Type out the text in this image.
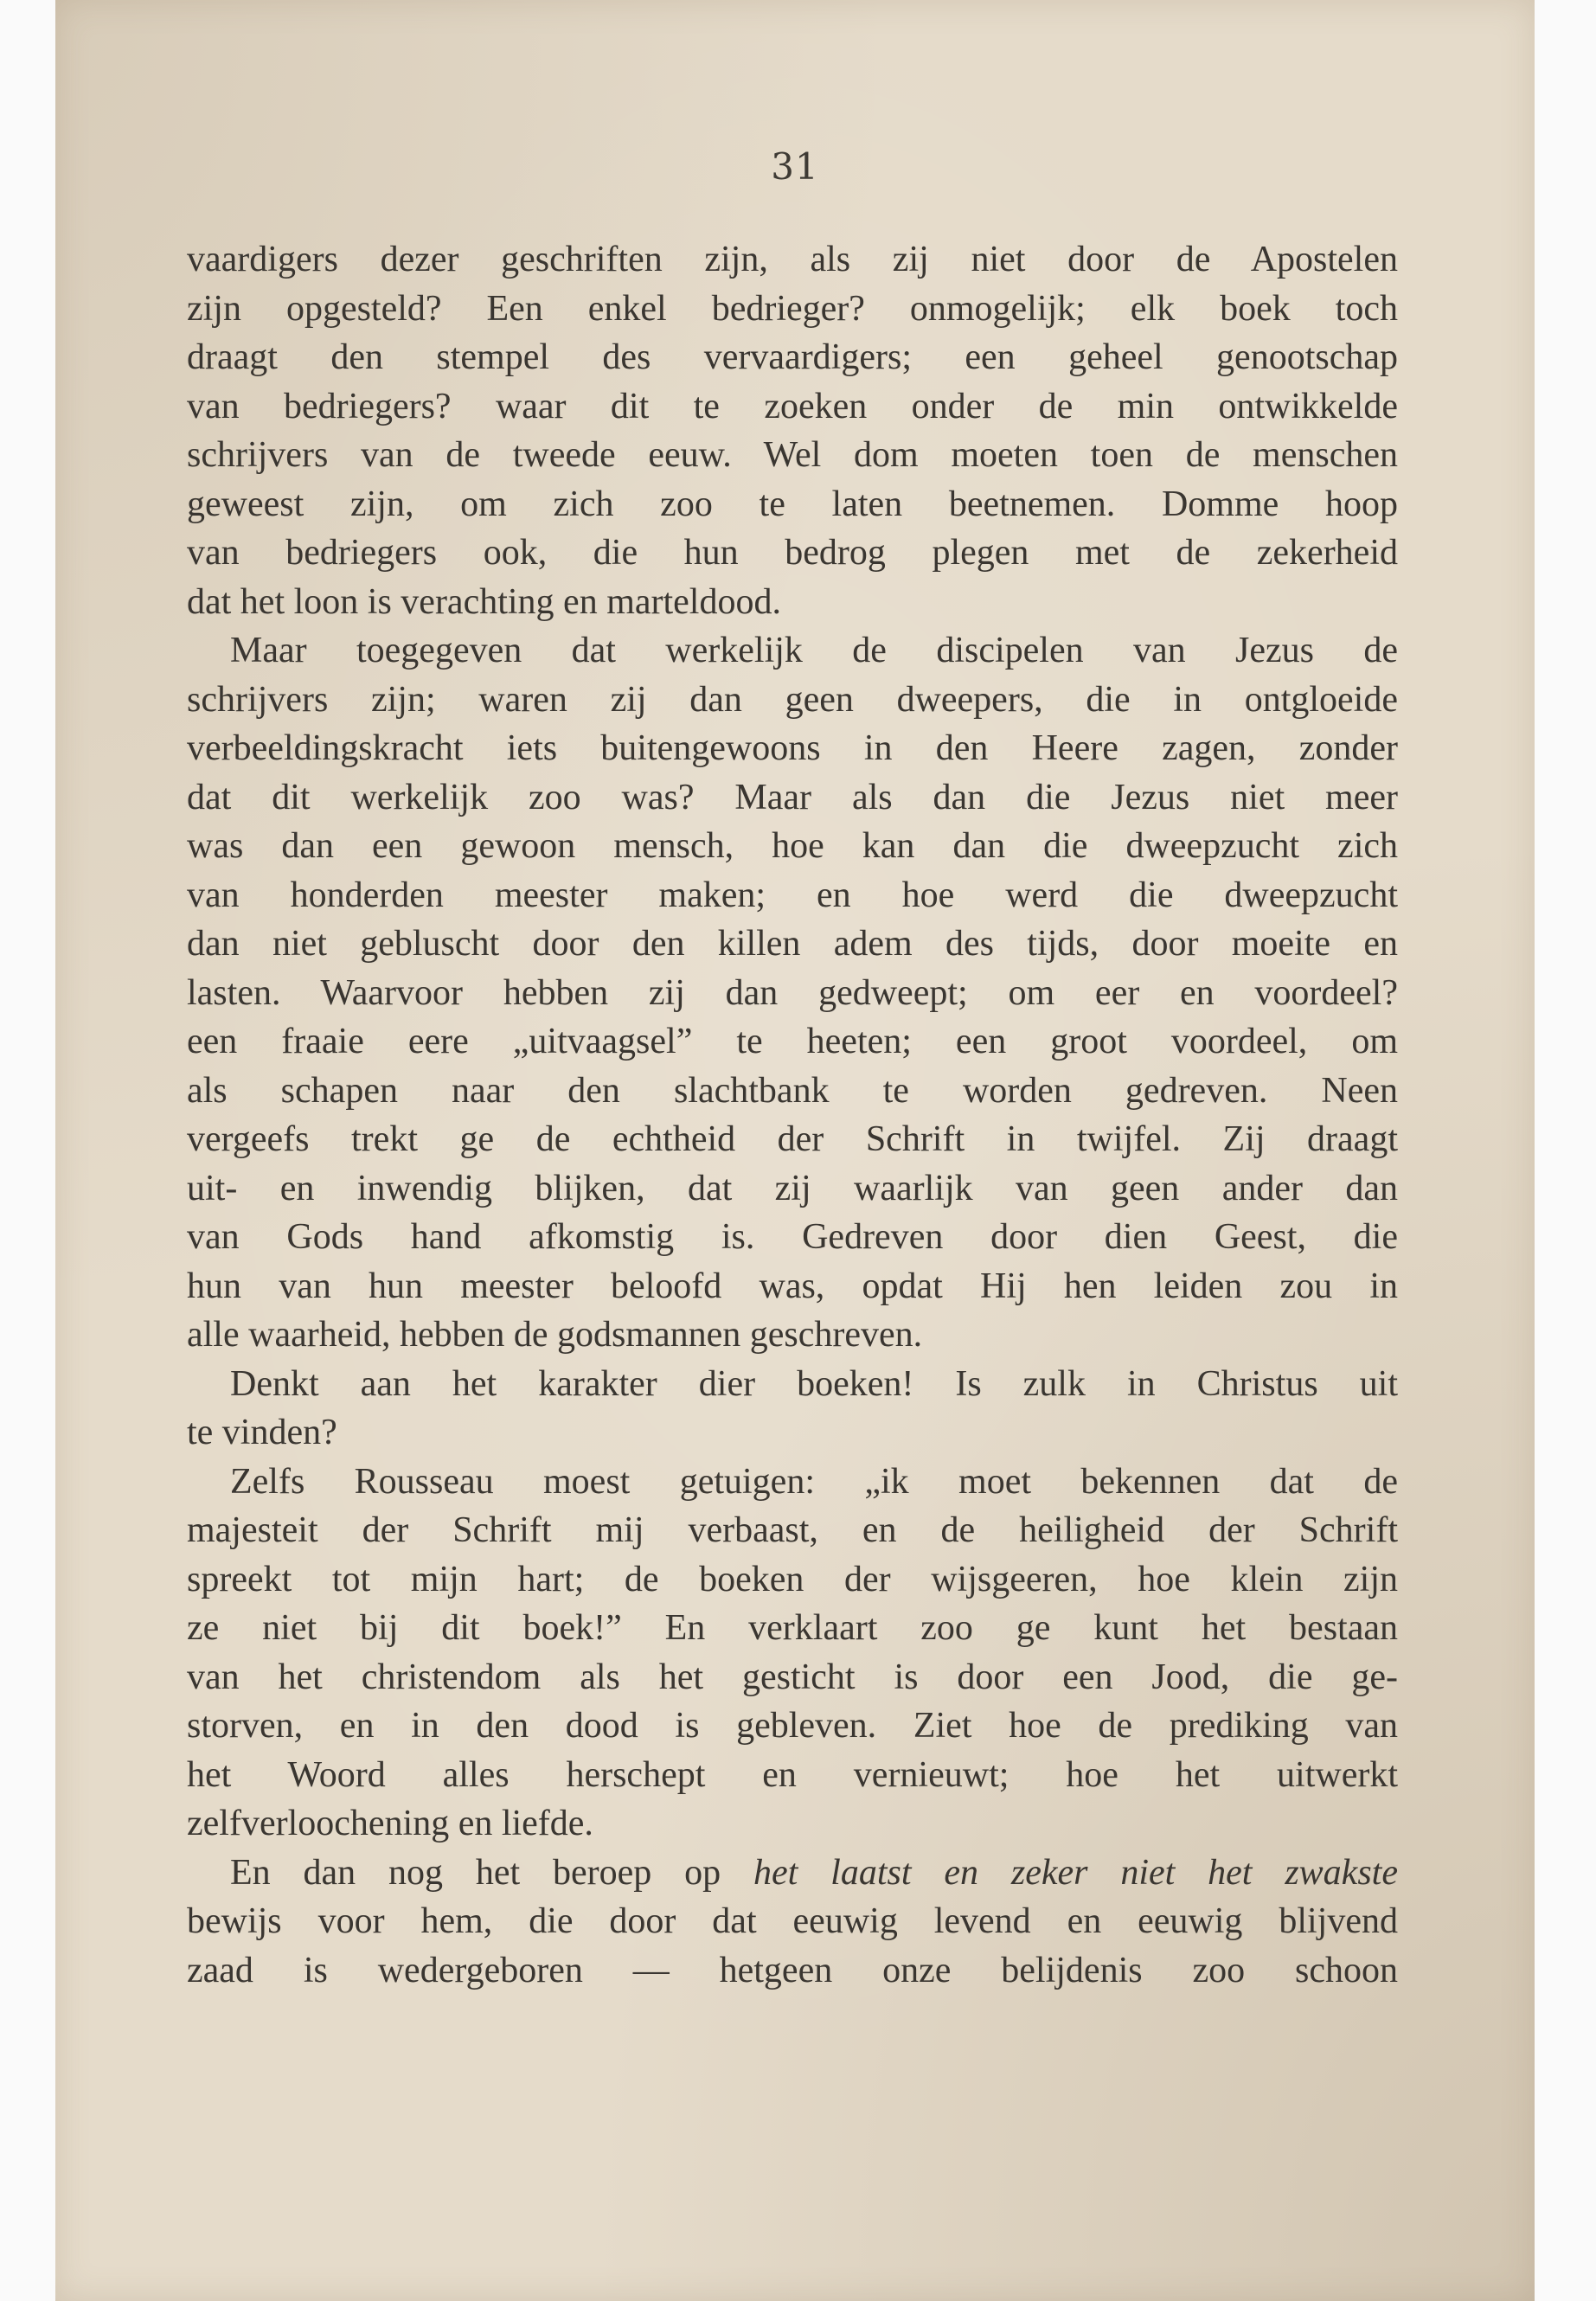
31
vaardigers dezer geschriften zijn, als zij niet door de Apostelen
zijn opgesteld? Een enkel bedrieger? onmogelijk; elk boek toch
draagt den stempel des vervaardigers; een geheel genootschap
van bedriegers? waar dit te zoeken onder de min ontwikkelde
schrijvers van de tweede eeuw. Wel dom moeten toen de menschen
geweest zijn, om zich zoo te laten beetnemen. Domme hoop
van bedriegers ook, die hun bedrog plegen met de zekerheid
dat het loon is verachting en marteldood.
Maar toegegeven dat werkelijk de discipelen van Jezus de
schrijvers zijn; waren zij dan geen dweepers, die in ontgloeide
verbeeldingskracht iets buitengewoons in den Heere zagen, zonder
dat dit werkelijk zoo was? Maar als dan die Jezus niet meer
was dan een gewoon mensch, hoe kan dan die dweepzucht zich
van honderden meester maken; en hoe werd die dweepzucht
dan niet gebluscht door den killen adem des tijds, door moeite en
lasten. Waarvoor hebben zij dan gedweept; om eer en voordeel?
een fraaie eere „uitvaagsel” te heeten; een groot voordeel, om
als schapen naar den slachtbank te worden gedreven. Neen
vergeefs trekt ge de echtheid der Schrift in twijfel. Zij draagt
uit- en inwendig blijken, dat zij waarlijk van geen ander dan
van Gods hand afkomstig is. Gedreven door dien Geest, die
hun van hun meester beloofd was, opdat Hij hen leiden zou in
alle waarheid, hebben de godsmannen geschreven.
Denkt aan het karakter dier boeken! Is zulk in Christus uit
te vinden?
Zelfs Rousseau moest getuigen: „ik moet bekennen dat de
majesteit der Schrift mij verbaast, en de heiligheid der Schrift
spreekt tot mijn hart; de boeken der wijsgeeren, hoe klein zijn
ze niet bij dit boek!” En verklaart zoo ge kunt het bestaan
van het christendom als het gesticht is door een Jood, die ge-
storven, en in den dood is gebleven. Ziet hoe de prediking van
het Woord alles herschept en vernieuwt; hoe het uitwerkt
zelfverloochening en liefde.
En dan nog het beroep op het laatst en zeker niet het zwakste
bewijs voor hem, die door dat eeuwig levend en eeuwig blijvend
zaad is wedergeboren — hetgeen onze belijdenis zoo schoon
